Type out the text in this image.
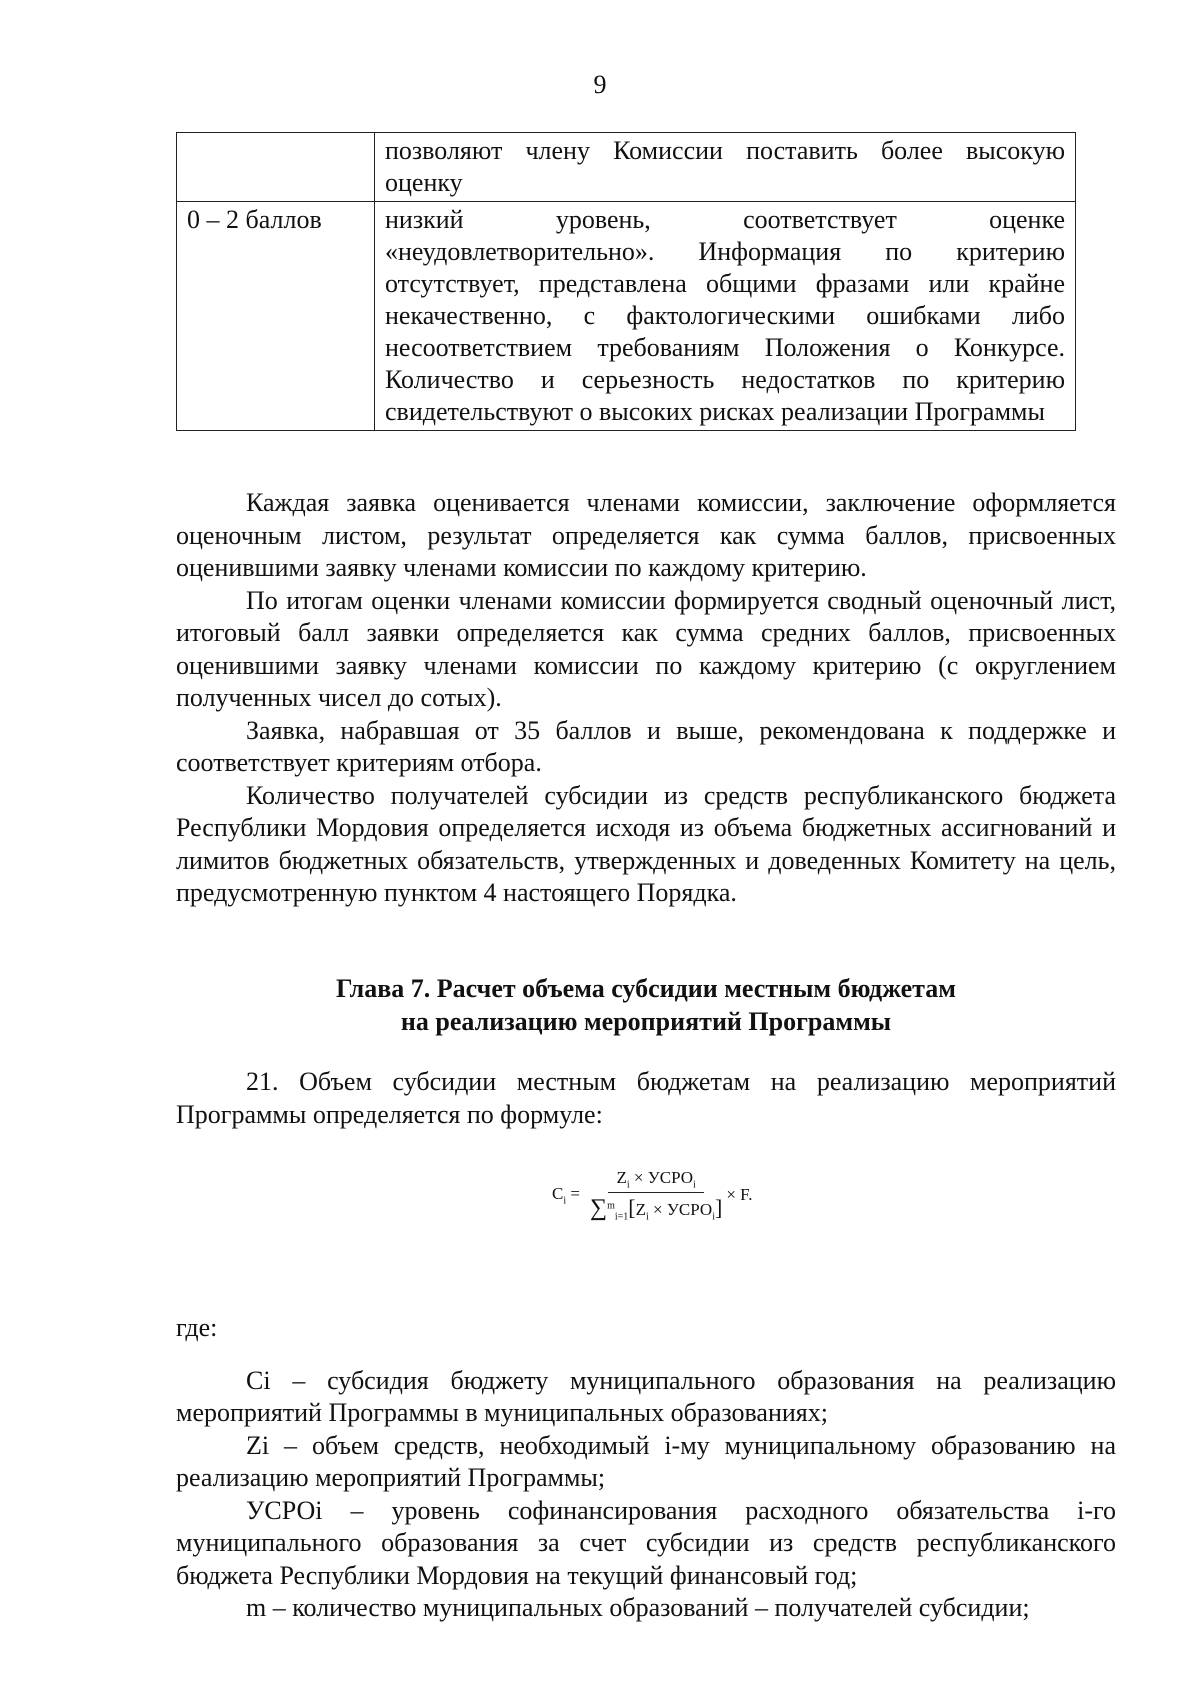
9
	позволяют члену Комиссии поставить более высокую оценку
0 – 2 баллов	низкий уровень, соответствует оценке «неудовлетворительно». Информация по критерию отсутствует, представлена общими фразами или крайне некачественно, с фактологическими ошибками либо несоответствием требованиям Положения о Конкурсе. Количество и серьезность недостатков по критерию свидетельствуют о высоких рисках реализации Программы

Каждая заявка оценивается членами комиссии, заключение оформляется оценочным листом, результат определяется как сумма баллов, присвоенных оценившими заявку членами комиссии по каждому критерию.

По итогам оценки членами комиссии формируется сводный оценочный лист, итоговый балл заявки определяется как сумма средних баллов, присвоенных оценившими заявку членами комиссии по каждому критерию (с округлением полученных чисел до сотых).

Заявка, набравшая от 35 баллов и выше, рекомендована к поддержке и соответствует критериям отбора.

Количество получателей субсидии из средств республиканского бюджета Республики Мордовия определяется исходя из объема бюджетных ассигнований и лимитов бюджетных обязательств, утвержденных и доведенных Комитету на цель, предусмотренную пунктом 4 настоящего Порядка.

Глава 7. Расчет объема субсидии местным бюджетам
на реализацию мероприятий Программы

21. Объем субсидии местным бюджетам на реализацию мероприятий Программы определяется по формуле:

$C_i = \frac{Z_i \times УСРО_i}{\sum^m_{i=1}[Z_i \times УСРО_i]} \times F$.
где:

Ci – субсидия бюджету муниципального образования на реализацию мероприятий Программы в муниципальных образованиях;

Zi – объем средств, необходимый i-му муниципальному образованию на реализацию мероприятий Программы;

УСРОi – уровень софинансирования расходного обязательства i-го муниципального образования за счет субсидии из средств республиканского бюджета Республики Мордовия на текущий финансовый год;

m – количество муниципальных образований – получателей субсидии;
